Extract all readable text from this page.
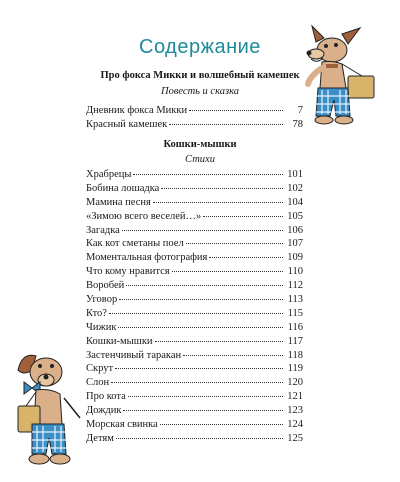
Содержание
Про фокса Микки и волшебный камешек
Повесть и сказка
Дневник фокса Микки	7
Красный камешек	78
Кошки-мышки
Стихи
Храбрецы	101
Бобина лошадка	102
Мамина песня	104
«Зимою всего веселей…»	105
Загадка	106
Как кот сметаны поел	107
Моментальная фотография	109
Что кому нравится	110
Воробей	112
Уговор	113
Кто?	115
Чижик	116
Кошки-мышки	117
Застенчивый таракан	118
Скрут	119
Слон	120
Про кота	121
Дождик	123
Морская свинка	124
Детям	125
